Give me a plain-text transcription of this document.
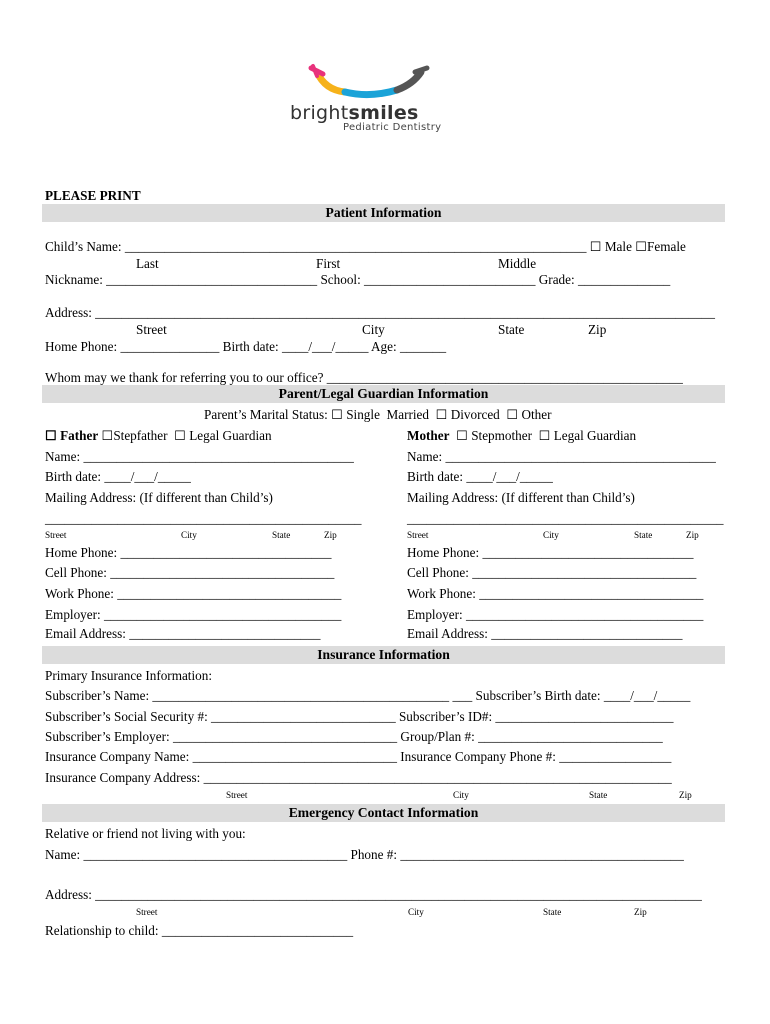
brightsmiles
Pediatric Dentistry
PLEASE PRINT
Patient Information
Child’s Name: ______________________________________________________________________ ☐ Male ☐Female
Last	First	Middle
Nickname: ________________________________ School: __________________________ Grade: ______________
Address: ______________________________________________________________________________________________
Street	City	State	Zip
Home Phone: _______________ Birth date: ____/___/_____ Age: _______
Whom may we thank for referring you to our office? ______________________________________________________
Parent/Legal Guardian Information
Parent’s Marital Status: ☐ Single  Married  ☐ Divorced  ☐ Other
☐ Father ☐Stepfather  ☐ Legal Guardian
Name: _________________________________________
Birth date: ____/___/_____
Mailing Address: (If different than Child’s)
________________________________________________
Street	City	State	Zip
Home Phone: ________________________________
Cell Phone: __________________________________
Work Phone: __________________________________
Employer: ____________________________________
Email Address: _____________________________
Mother  ☐ Stepmother  ☐ Legal Guardian
Name: _________________________________________
Birth date: ____/___/_____
Mailing Address: (If different than Child’s)
________________________________________________
Street	City	State	Zip
Home Phone: ________________________________
Cell Phone: __________________________________
Work Phone: __________________________________
Employer: ____________________________________
Email Address: _____________________________
Insurance Information
Primary Insurance Information:
Subscriber’s Name: _____________________________________________ ___ Subscriber’s Birth date: ____/___/_____
Subscriber’s Social Security #: ____________________________ Subscriber’s ID#: ___________________________
Subscriber’s Employer: __________________________________ Group/Plan #: ____________________________
Insurance Company Name: _______________________________ Insurance Company Phone #: _________________
Insurance Company Address: _______________________________________________________________________
Street	City	State	Zip
Emergency Contact Information
Relative or friend not living with you:
Name: ________________________________________ Phone #: ___________________________________________
Address: ____________________________________________________________________________________________
Street	City	State	Zip
Relationship to child: _____________________________
